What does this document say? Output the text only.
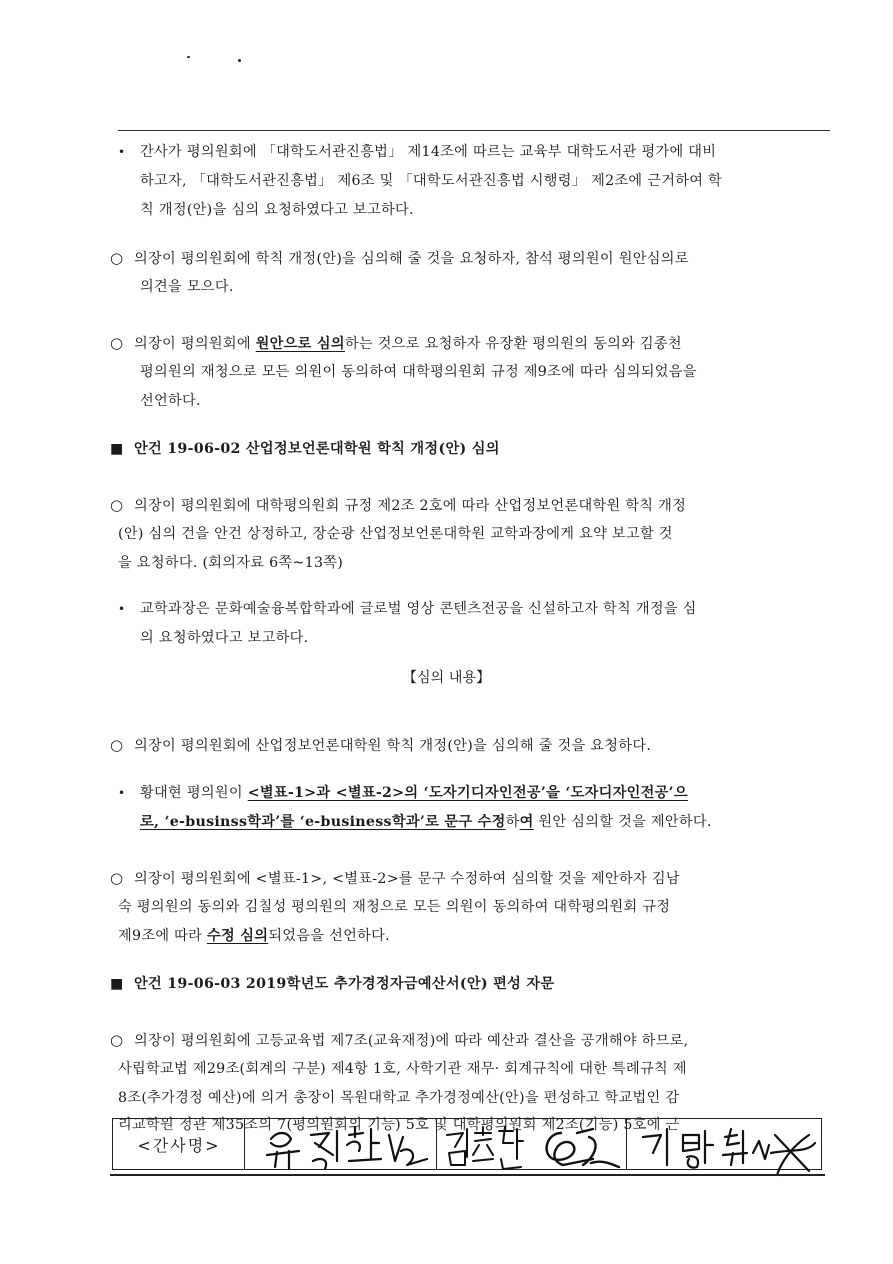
• 간사가 평의원회에 「대학도서관진흥법」 제14조에 따르는 교육부 대학도서관 평가에 대비
하고자, 「대학도서관진흥법」 제6조 및 「대학도서관진흥법 시행령」 제2조에 근거하여 학
칙 개정(안)을 심의 요청하였다고 보고하다.
○ 의장이 평의원회에 학칙 개정(안)을 심의해 줄 것을 요청하자, 참석 평의원이 원안심의로
의견을 모으다.
○ 의장이 평의원회에 원안으로 심의하는 것으로 요청하자 유장환 평의원의 동의와 김종천
평의원의 재청으로 모든 의원이 동의하여 대학평의원회 규정 제9조에 따라 심의되었음을
선언하다.
■ 안건 19-06-02 산업정보언론대학원 학칙 개정(안) 심의
○ 의장이 평의원회에 대학평의원회 규정 제2조 2호에 따라 산업정보언론대학원 학칙 개정
(안) 심의 건을 안건 상정하고, 장순광 산업정보언론대학원 교학과장에게 요약 보고할 것
을 요청하다. (회의자료 6쪽~13쪽)
• 교학과장은 문화예술융복합학과에 글로벌 영상 콘텐츠전공을 신설하고자 학칙 개정을 심
의 요청하였다고 보고하다.
○ 의장이 평의원회에 산업정보언론대학원 학칙 개정(안)을 심의해 줄 것을 요청하다.
• 황대현 평의원이 <별표-1>과 <별표-2>의 ‘도자기디자인전공’을 ‘도자디자인전공’으
로, ‘e-businss학과’를 ‘e-business학과’로 문구 수정하여 원안 심의할 것을 제안하다.
○ 의장이 평의원회에 <별표-1>, <별표-2>를 문구 수정하여 심의할 것을 제안하자 김남
숙 평의원의 동의와 김칠성 평의원의 재청으로 모든 의원이 동의하여 대학평의원회 규정
제9조에 따라 수정 심의되었음을 선언하다.
■ 안건 19-06-03 2019학년도 추가경정자금예산서(안) 편성 자문
○ 의장이 평의원회에 고등교육법 제7조(교육재정)에 따라 예산과 결산을 공개해야 하므로,
사립학교법 제29조(회계의 구분) 제4항 1호, 사학기관 재무· 회계규칙에 대한 특례규칙 제
8조(추가경정 예산)에 의거 총장이 목원대학교 추가경정예산(안)을 편성하고 학교법인 감
리교학원 정관 제35조의 7(평의원회의 기능) 5호 및 대학평의원회 제2조(기능) 5호에 근
【심의 내용】
<간사명>
